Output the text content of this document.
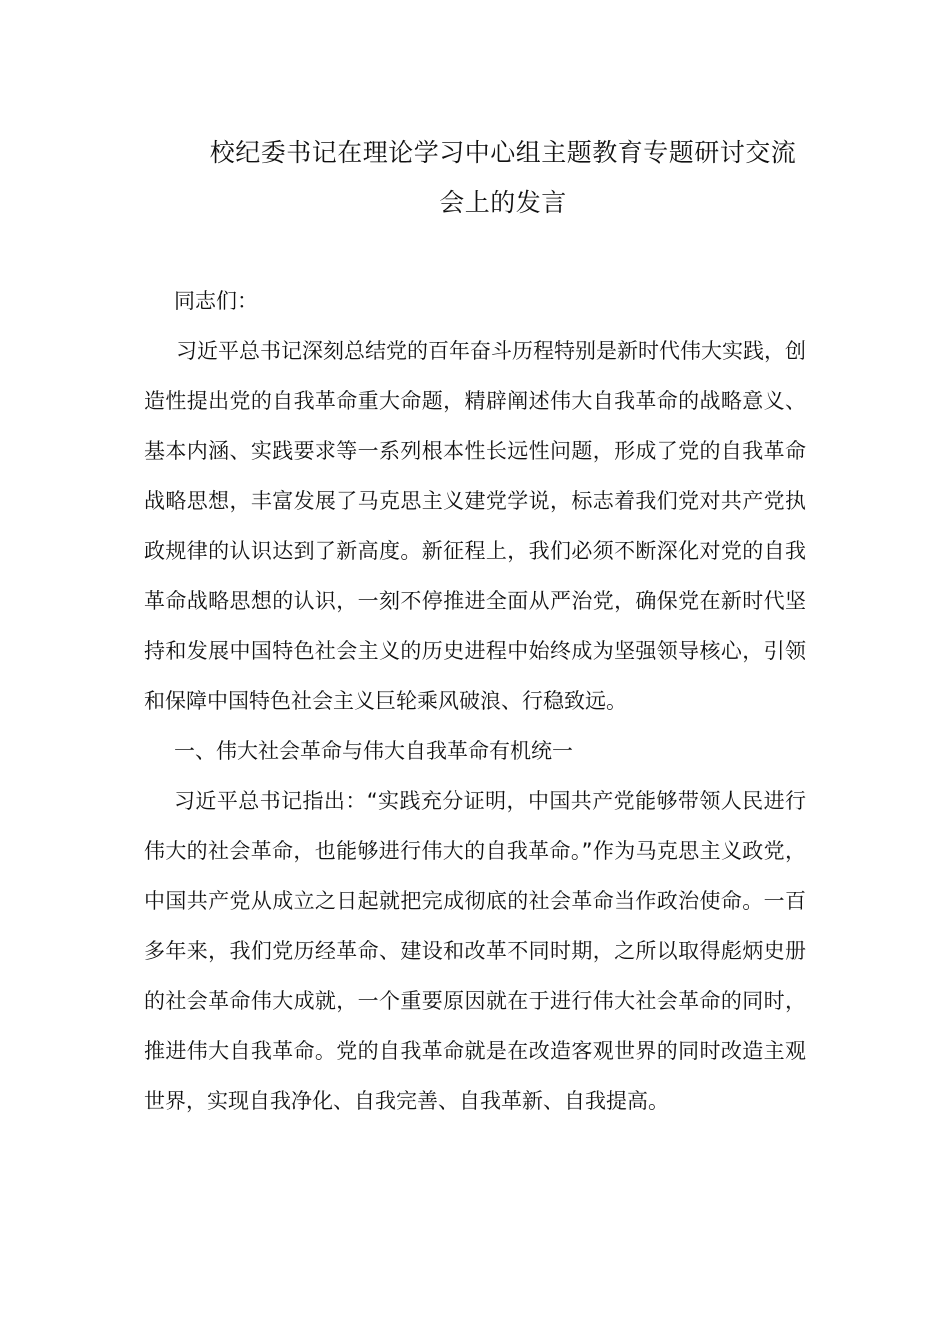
校纪委书记在理论学习中心组主题教育专题研讨交流
会上的发言

同志们：

习近平总书记深刻总结党的百年奋斗历程特别是新时代伟大实践，创造性提出党的自我革命重大命题，精辟阐述伟大自我革命的战略意义、基本内涵、实践要求等一系列根本性长远性问题，形成了党的自我革命战略思想，丰富发展了马克思主义建党学说，标志着我们党对共产党执政规律的认识达到了新高度。新征程上，我们必须不断深化对党的自我革命战略思想的认识，一刻不停推进全面从严治党，确保党在新时代坚持和发展中国特色社会主义的历史进程中始终成为坚强领导核心，引领和保障中国特色社会主义巨轮乘风破浪、行稳致远。

一、伟大社会革命与伟大自我革命有机统一

习近平总书记指出：“实践充分证明，中国共产党能够带领人民进行伟大的社会革命，也能够进行伟大的自我革命。”作为马克思主义政党，中国共产党从成立之日起就把完成彻底的社会革命当作政治使命。一百多年来，我们党历经革命、建设和改革不同时期，之所以取得彪炳史册的社会革命伟大成就，一个重要原因就在于进行伟大社会革命的同时，推进伟大自我革命。党的自我革命就是在改造客观世界的同时改造主观世界，实现自我净化、自我完善、自我革新、自我提高。
